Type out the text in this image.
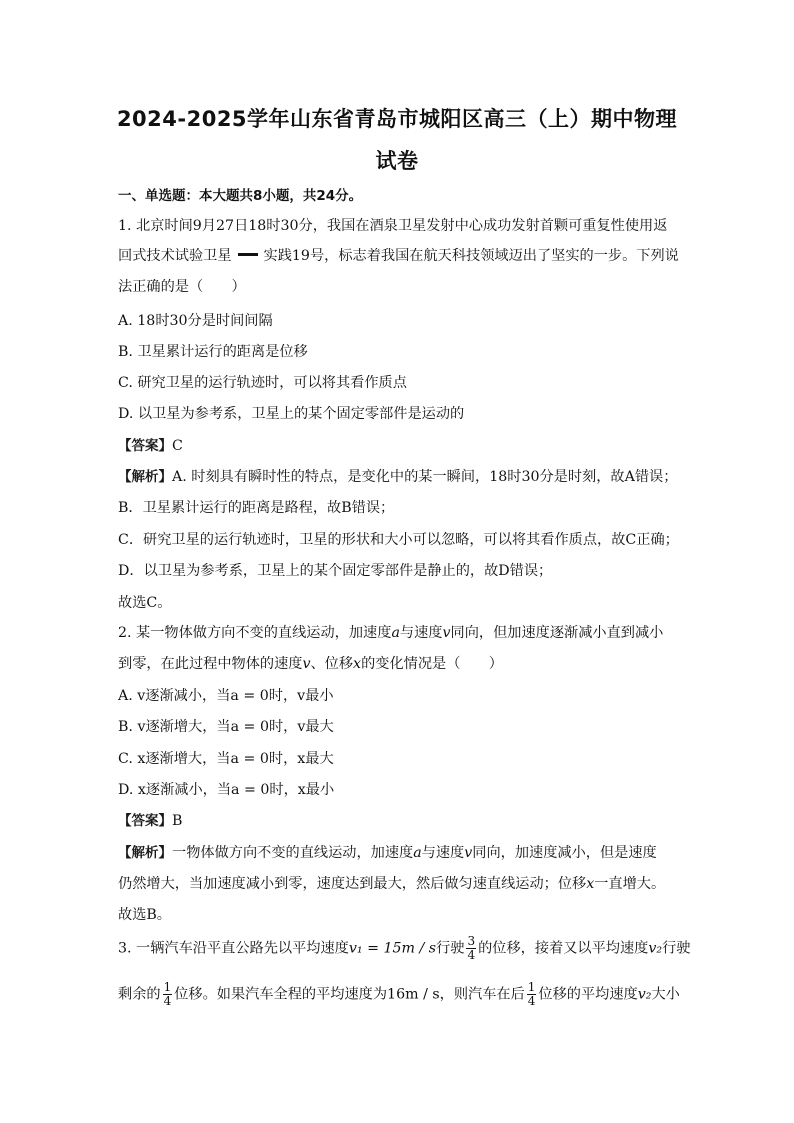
2024-2025学年山东省青岛市城阳区高三（上）期中物理
试卷
一、单选题：本大题共8小题，共24分。
1. 北京时间9月27日18时30分，我国在酒泉卫星发射中心成功发射首颗可重复性使用返
回式技术试验卫星 实践19号，标志着我国在航天科技领域迈出了坚实的一步。下列说
法正确的是（　　）
A. 18时30分是时间间隔
B. 卫星累计运行的距离是位移
C. 研究卫星的运行轨迹时，可以将其看作质点
D. 以卫星为参考系，卫星上的某个固定零部件是运动的
【答案】C
【解析】A. 时刻具有瞬时性的特点，是变化中的某一瞬间，18时30分是时刻，故A错误；
B．卫星累计运行的距离是路程，故B错误；
C．研究卫星的运行轨迹时，卫星的形状和大小可以忽略，可以将其看作质点，故C正确；
D．以卫星为参考系，卫星上的某个固定零部件是静止的，故D错误；
故选C。
2. 某一物体做方向不变的直线运动，加速度a与速度v同向，但加速度逐渐减小直到减小
到零，在此过程中物体的速度v、位移x的变化情况是（　　）
A. v逐渐减小，当a = 0时，v最小
B. v逐渐增大，当a = 0时，v最大
C. x逐渐增大，当a = 0时，x最大
D. x逐渐减小，当a = 0时，x最小
【答案】B
【解析】一物体做方向不变的直线运动，加速度a与速度v同向，加速度减小，但是速度
仍然增大，当加速度减小到零，速度达到最大，然后做匀速直线运动；位移x一直增大。
故选B。
3. 一辆汽车沿平直公路先以平均速度v₁ = 15m / s行驶 $\frac{3}{4}$ 的位移，接着又以平均速度v₂行驶
剩余的 $\frac{1}{4}$ 位移。如果汽车全程的平均速度为16m / s，则汽车在后 $\frac{1}{4}$ 位移的平均速度v₂大小
